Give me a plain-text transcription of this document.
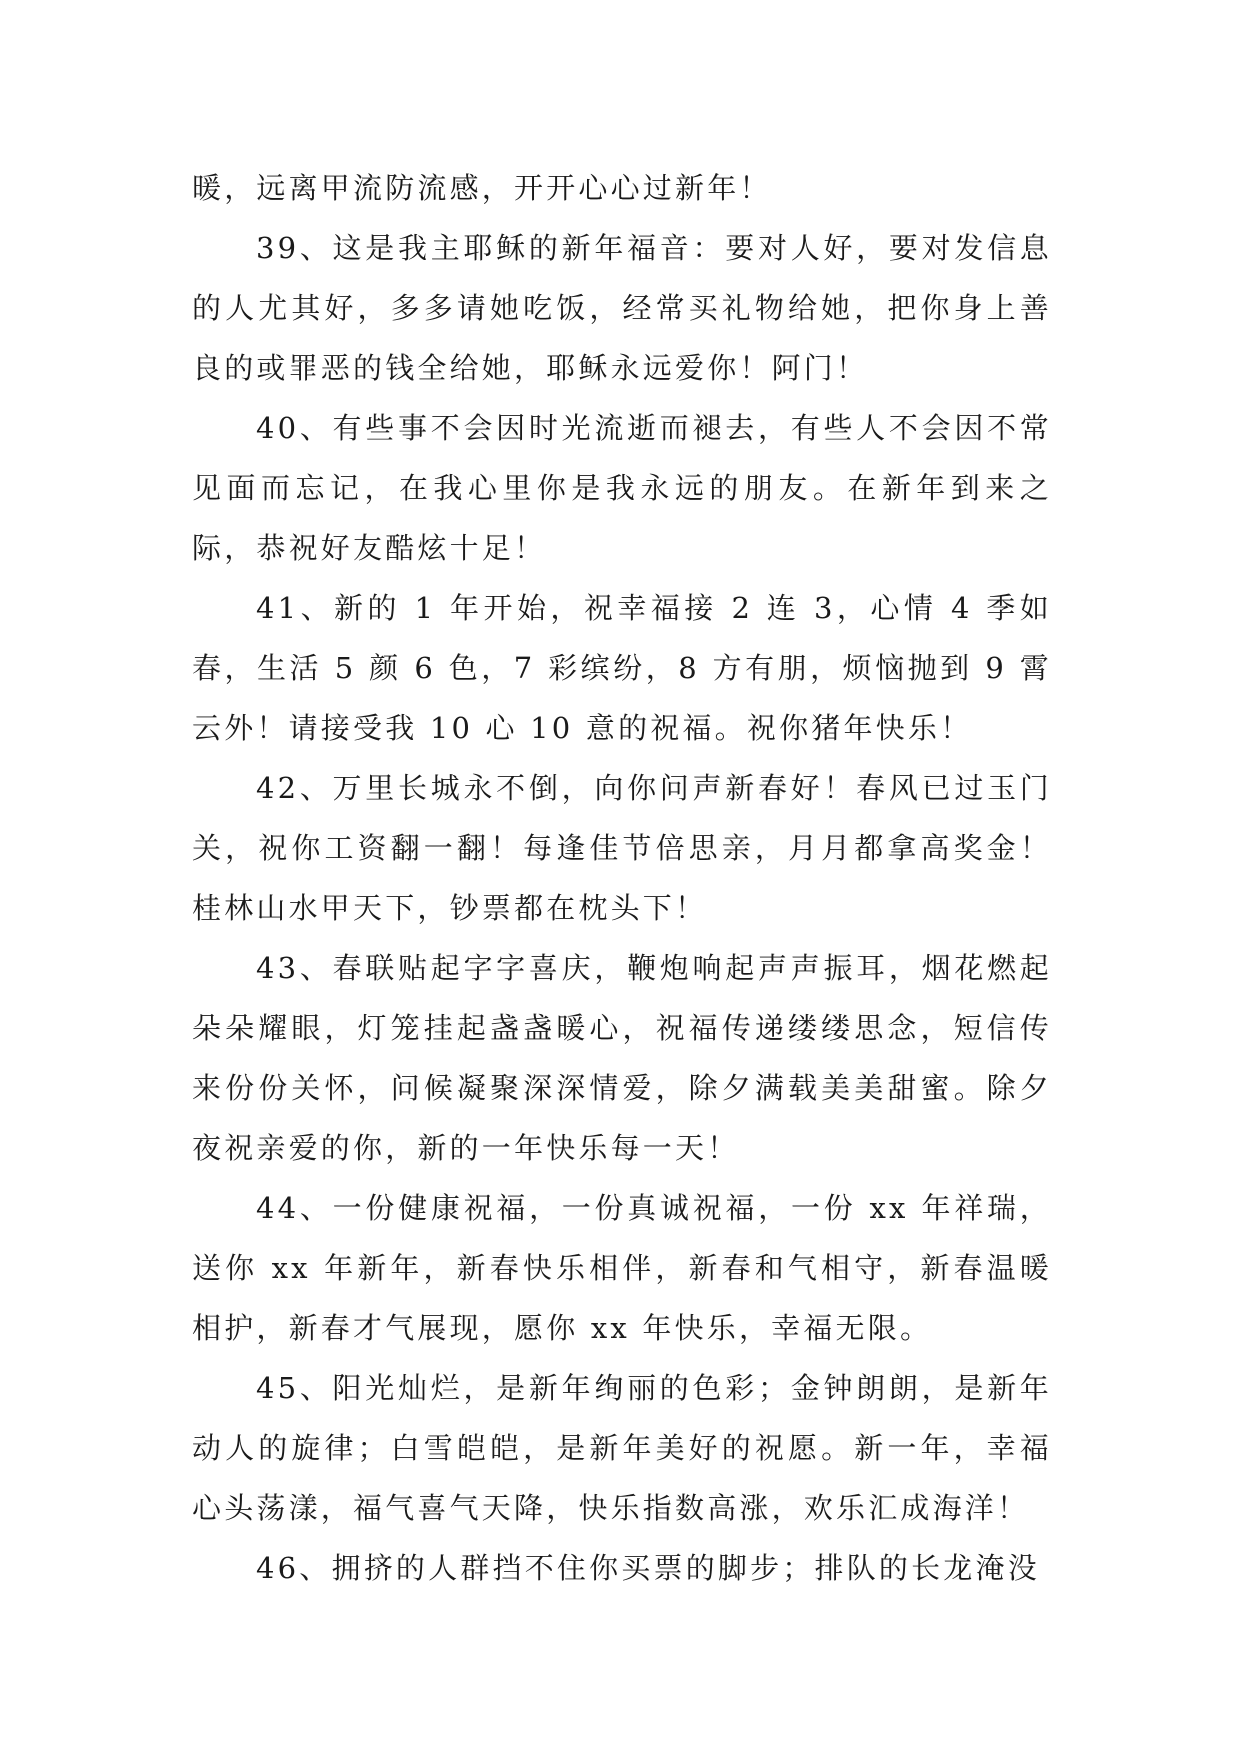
暖，远离甲流防流感，开开心心过新年！

39、这是我主耶稣的新年福音：要对人好，要对发信息的人尤其好，多多请她吃饭，经常买礼物给她，把你身上善良的或罪恶的钱全给她，耶稣永远爱你！阿门！

40、有些事不会因时光流逝而褪去，有些人不会因不常见面而忘记，在我心里你是我永远的朋友。在新年到来之际，恭祝好友酷炫十足！

41、新的 1 年开始，祝幸福接 2 连 3，心情 4 季如春，生活 5 颜 6 色，7 彩缤纷，8 方有朋，烦恼抛到 9 霄云外！请接受我 10 心 10 意的祝福。祝你猪年快乐！

42、万里长城永不倒，向你问声新春好！春风已过玉门关，祝你工资翻一翻！每逢佳节倍思亲，月月都拿高奖金！桂林山水甲天下，钞票都在枕头下！

43、春联贴起字字喜庆，鞭炮响起声声振耳，烟花燃起朵朵耀眼，灯笼挂起盏盏暖心，祝福传递缕缕思念，短信传来份份关怀，问候凝聚深深情爱，除夕满载美美甜蜜。除夕夜祝亲爱的你，新的一年快乐每一天！

44、一份健康祝福，一份真诚祝福，一份 xx 年祥瑞，送你 xx 年新年，新春快乐相伴，新春和气相守，新春温暖相护，新春才气展现，愿你 xx 年快乐，幸福无限。

45、阳光灿烂，是新年绚丽的色彩；金钟朗朗，是新年动人的旋律；白雪皑皑，是新年美好的祝愿。新一年，幸福心头荡漾，福气喜气天降，快乐指数高涨，欢乐汇成海洋！

46、拥挤的人群挡不住你买票的脚步；排队的长龙淹没
